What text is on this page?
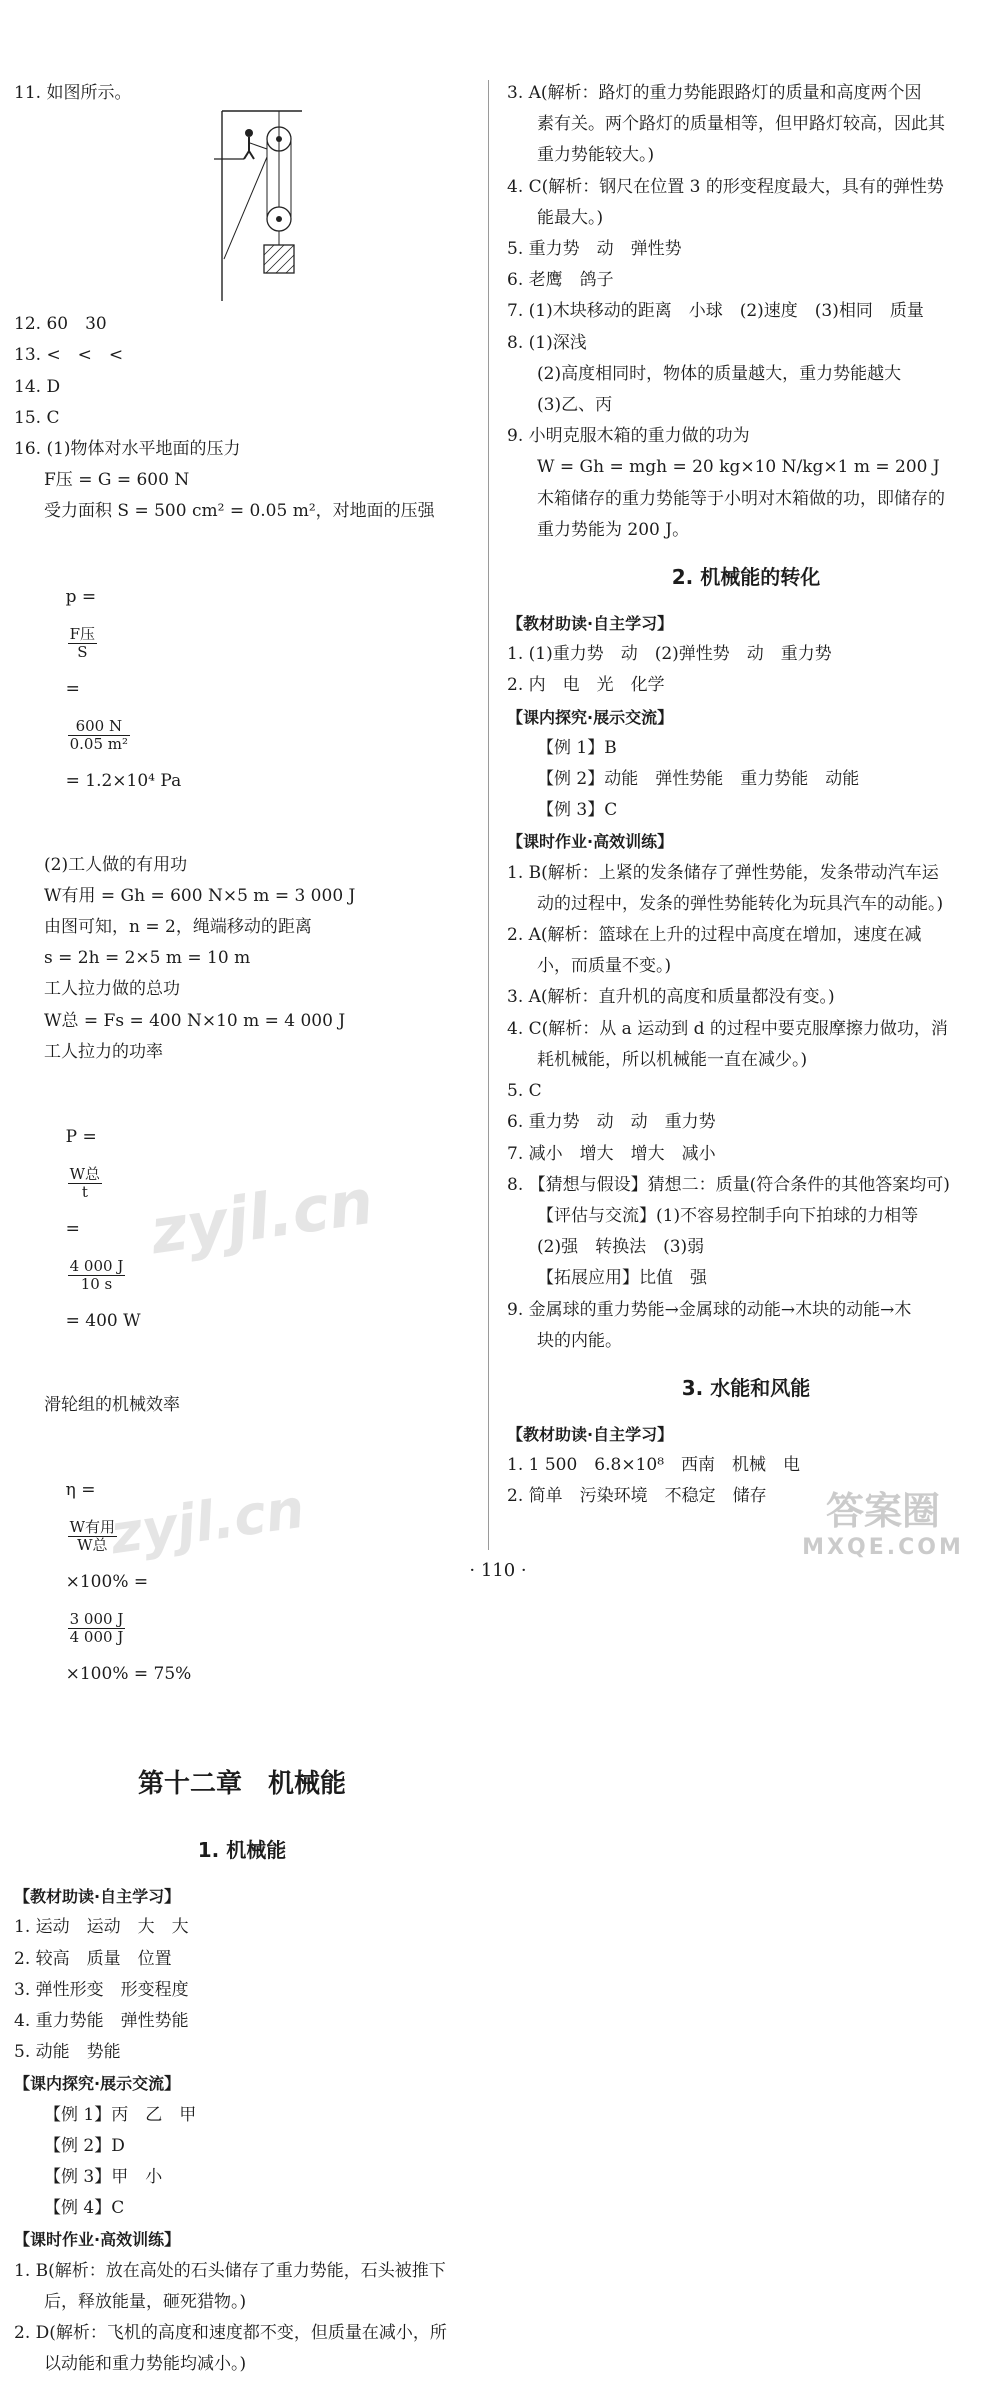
11. 如图所示。
12. 60　30
13. <　<　<
14. D
15. C
16. (1)物体对水平地面的压力
F压 = G = 600 N
受力面积 S = 500 cm² = 0.05 m²，对地面的压强

p =

$\frac{\text{F压}}{S}$

=

$\frac{600 N}{\text{0.05 m²}}$

= 1.2×10⁴ Pa

(2)工人做的有用功
W有用 = Gh = 600 N×5 m = 3 000 J
由图可知，n = 2，绳端移动的距离
s = 2h = 2×5 m = 10 m
工人拉力做的总功
W总 = Fs = 400 N×10 m = 4 000 J
工人拉力的功率

P =

$\frac{\text{W总}}{t}$

=

$\frac{4 000 J}{10 s}$

= 400 W

滑轮组的机械效率

η =

$\frac{\text{W有用}}{\text{W总}}$

×100% =

$\frac{3 000 J}{4 000 J}$

×100% = 75%

第十二章　机械能
1. 机械能
【教材助读·自主学习】
1. 运动　运动　大　大
2. 较高　质量　位置
3. 弹性形变　形变程度
4. 重力势能　弹性势能
5. 动能　势能
【课内探究·展示交流】
【例 1】丙　乙　甲
【例 2】D
【例 3】甲　小
【例 4】C
【课时作业·高效训练】
1. B(解析：放在高处的石头储存了重力势能，石头被推下
后，释放能量，砸死猎物。)
2. D(解析：飞机的高度和速度都不变，但质量在减小，所
以动能和重力势能均减小。)
3. A(解析：路灯的重力势能跟路灯的质量和高度两个因
素有关。两个路灯的质量相等，但甲路灯较高，因此其
重力势能较大。)
4. C(解析：钢尺在位置 3 的形变程度最大，具有的弹性势
能最大。)
5. 重力势　动　弹性势
6. 老鹰　鸽子
7. (1)木块移动的距离　小球　(2)速度　(3)相同　质量
8. (1)深浅
(2)高度相同时，物体的质量越大，重力势能越大
(3)乙、丙
9. 小明克服木箱的重力做的功为
W = Gh = mgh = 20 kg×10 N/kg×1 m = 200 J
木箱储存的重力势能等于小明对木箱做的功，即储存的
重力势能为 200 J。
2. 机械能的转化
【教材助读·自主学习】
1. (1)重力势　动　(2)弹性势　动　重力势
2. 内　电　光　化学
【课内探究·展示交流】
【例 1】B
【例 2】动能　弹性势能　重力势能　动能
【例 3】C
【课时作业·高效训练】
1. B(解析：上紧的发条储存了弹性势能，发条带动汽车运
动的过程中，发条的弹性势能转化为玩具汽车的动能。)
2. A(解析：篮球在上升的过程中高度在增加，速度在减
小，而质量不变。)
3. A(解析：直升机的高度和质量都没有变。)
4. C(解析：从 a 运动到 d 的过程中要克服摩擦力做功，消
耗机械能，所以机械能一直在减少。)
5. C
6. 重力势　动　动　重力势
7. 减小　增大　增大　减小
8. 【猜想与假设】猜想二：质量(符合条件的其他答案均可)
【评估与交流】(1)不容易控制手向下拍球的力相等
(2)强　转换法　(3)弱
【拓展应用】比值　强
9. 金属球的重力势能→金属球的动能→木块的动能→木
块的内能。
3. 水能和风能
【教材助读·自主学习】
1. 1 500　6.8×10⁸　西南　机械　电
2. 简单　污染环境　不稳定　储存
zyjl.cn
zyjl.cn	答案圈
MXQE.COM
· 110 ·
